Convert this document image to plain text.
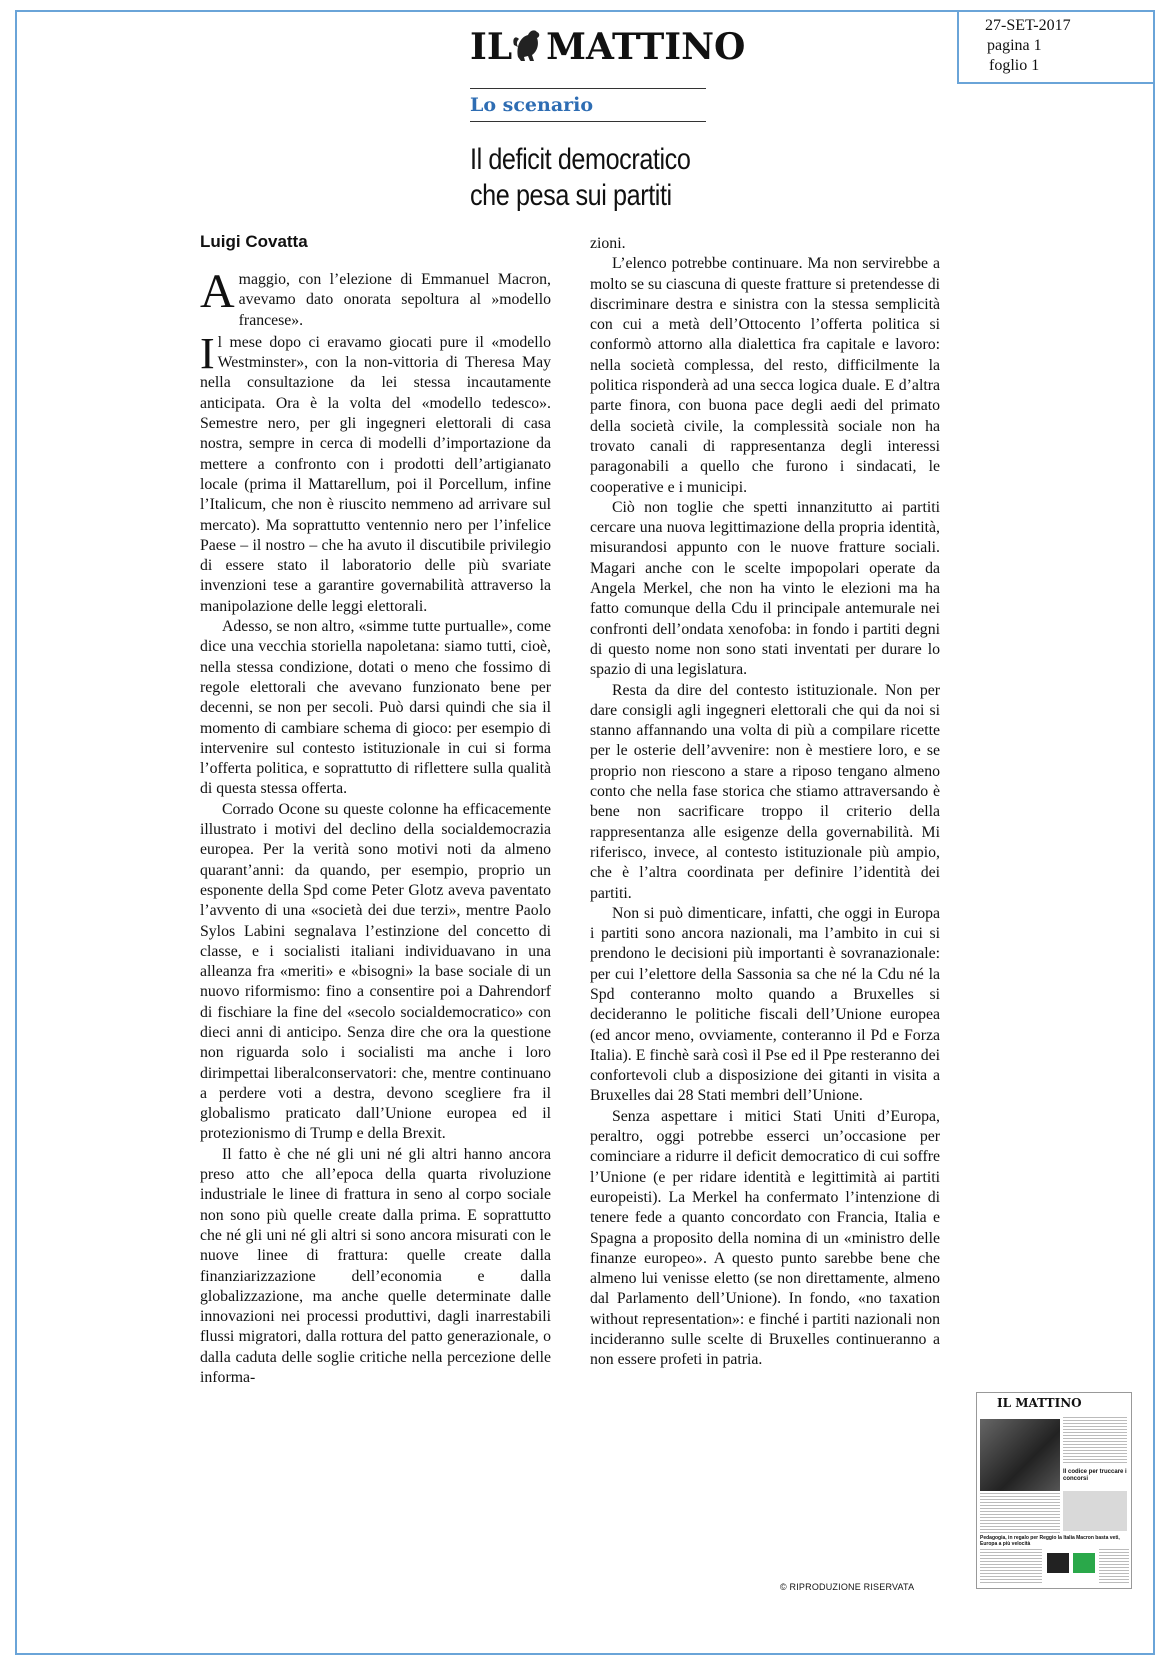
27-SET-2017
pagina 1
foglio 1
IL MATTINO
Lo scenario
Il deficit democratico
che pesa sui partiti
Luigi Covatta

Amaggio, con l’elezione di Emmanuel Macron, avevamo dato onorata sepoltura al »modello francese».

Il mese dopo ci eravamo giocati pure il «modello Westminster», con la non-vittoria di Theresa May nella consultazione da lei stessa incautamente anticipata. Ora è la volta del «modello tedesco». Semestre nero, per gli ingegneri elettorali di casa nostra, sempre in cerca di modelli d’importazione da mettere a confronto con i prodotti dell’artigianato locale (prima il Mattarellum, poi il Porcellum, infine l’Italicum, che non è riuscito nemmeno ad arrivare sul mercato). Ma soprattutto ventennio nero per l’infelice Paese – il nostro – che ha avuto il discutibile privilegio di essere stato il laboratorio delle più svariate invenzioni tese a garantire governabilità attraverso la manipolazione delle leggi elettorali.

Adesso, se non altro, «simme tutte purtualle», come dice una vecchia storiella napoletana: siamo tutti, cioè, nella stessa condizione, dotati o meno che fossimo di regole elettorali che avevano funzionato bene per decenni, se non per secoli. Può darsi quindi che sia il momento di cambiare schema di gioco: per esempio di intervenire sul contesto istituzionale in cui si forma l’offerta politica, e soprattutto di riflettere sulla qualità di questa stessa offerta.

Corrado Ocone su queste colonne ha efficacemente illustrato i motivi del declino della socialdemocrazia europea. Per la verità sono motivi noti da almeno quarant’anni: da quando, per esempio, proprio un esponente della Spd come Peter Glotz aveva paventato l’avvento di una «società dei due terzi», mentre Paolo Sylos Labini segnalava l’estinzione del concetto di classe, e i socialisti italiani individuavano in una alleanza fra «meriti» e «bisogni» la base sociale di un nuovo riformismo: fino a consentire poi a Dahrendorf di fischiare la fine del «secolo socialdemocratico» con dieci anni di anticipo. Senza dire che ora la questione non riguarda solo i socialisti ma anche i loro dirimpettai liberalconservatori: che, mentre continuano a perdere voti a destra, devono scegliere fra il globalismo praticato dall’Unione europea ed il protezionismo di Trump e della Brexit.

Il fatto è che né gli uni né gli altri hanno ancora preso atto che all’epoca della quarta rivoluzione industriale le linee di frattura in seno al corpo sociale non sono più quelle create dalla prima. E soprattutto che né gli uni né gli altri si sono ancora misurati con le nuove linee di frattura: quelle create dalla finanziarizzazione dell’economia e dalla globalizzazione, ma anche quelle determinate dalle innovazioni nei processi produttivi, dagli inarrestabili flussi migratori, dalla rottura del patto generazionale, o dalla caduta delle soglie critiche nella percezione delle informa-

zioni.

L’elenco potrebbe continuare. Ma non servirebbe a molto se su ciascuna di queste fratture si pretendesse di discriminare destra e sinistra con la stessa semplicità con cui a metà dell’Ottocento l’offerta politica si conformò attorno alla dialettica fra capitale e lavoro: nella società complessa, del resto, difficilmente la politica risponderà ad una secca logica duale. E d’altra parte finora, con buona pace degli aedi del primato della società civile, la complessità sociale non ha trovato canali di rappresentanza degli interessi paragonabili a quello che furono i sindacati, le cooperative e i municipi.

Ciò non toglie che spetti innanzitutto ai partiti cercare una nuova legittimazione della propria identità, misurandosi appunto con le nuove fratture sociali. Magari anche con le scelte impopolari operate da Angela Merkel, che non ha vinto le elezioni ma ha fatto comunque della Cdu il principale antemurale nei confronti dell’ondata xenofoba: in fondo i partiti degni di questo nome non sono stati inventati per durare lo spazio di una legislatura.

Resta da dire del contesto istituzionale. Non per dare consigli agli ingegneri elettorali che qui da noi si stanno affannando una volta di più a compilare ricette per le osterie dell’avvenire: non è mestiere loro, e se proprio non riescono a stare a riposo tengano almeno conto che nella fase storica che stiamo attraversando è bene non sacrificare troppo il criterio della rappresentanza alle esigenze della governabilità. Mi riferisco, invece, al contesto istituzionale più ampio, che è l’altra coordinata per definire l’identità dei partiti.

Non si può dimenticare, infatti, che oggi in Europa i partiti sono ancora nazionali, ma l’ambito in cui si prendono le decisioni più importanti è sovranazionale: per cui l’elettore della Sassonia sa che né la Cdu né la Spd conteranno molto quando a Bruxelles si decideranno le politiche fiscali dell’Unione europea (ed ancor meno, ovviamente, conteranno il Pd e Forza Italia). E finchè sarà così il Pse ed il Ppe resteranno dei confortevoli club a disposizione dei gitanti in visita a Bruxelles dai 28 Stati membri dell’Unione.

Senza aspettare i mitici Stati Uniti d’Europa, peraltro, oggi potrebbe esserci un’occasione per cominciare a ridurre il deficit democratico di cui soffre l’Unione (e per ridare identità e legittimità ai partiti europeisti). La Merkel ha confermato l’intenzione di tenere fede a quanto concordato con Francia, Italia e Spagna a proposito della nomina di un «ministro delle finanze europeo». A questo punto sarebbe bene che almeno lui venisse eletto (se non direttamente, almeno dal Parlamento dell’Unione). In fondo, «no taxation without representation»: e finché i partiti nazionali non incideranno sulle scelte di Bruxelles continueranno a non essere profeti in patria.

© RIPRODUZIONE RISERVATA
IL MATTINO
Il codice per truccare i concorsi
Pedagogia, in regalo per Reggio la Italia Macron basta veti, Europa a più velocità
